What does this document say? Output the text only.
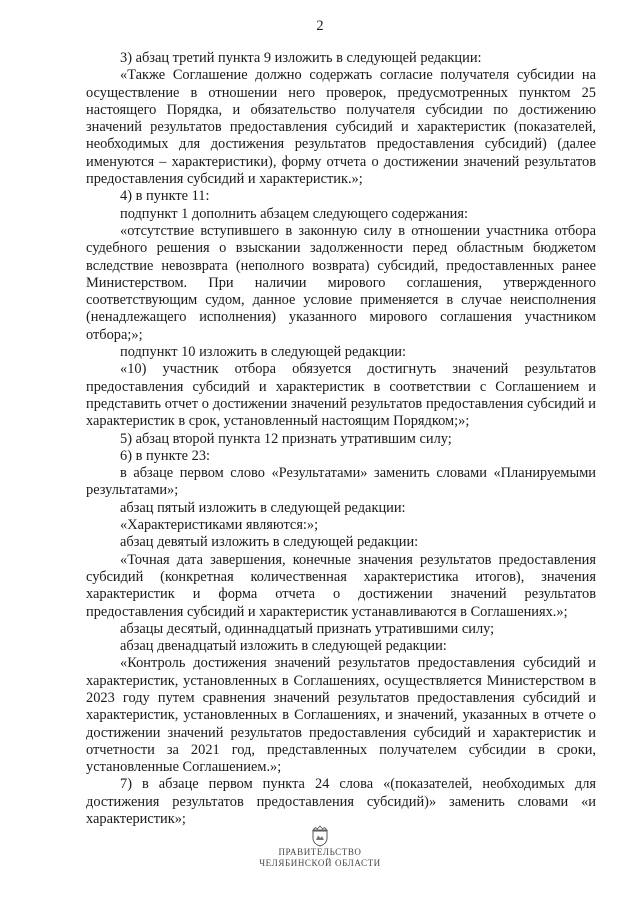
2

3) абзац третий пункта 9 изложить в следующей редакции:

«Также Соглашение должно содержать согласие получателя субсидии на осуществление в отношении него проверок, предусмотренных пунктом 25 настоящего Порядка, и обязательство получателя субсидии по достижению значений результатов предоставления субсидий и характеристик (показателей, необходимых для достижения результатов предоставления субсидий) (далее именуются – характеристики), форму отчета о достижении значений результатов предоставления субсидий и характеристик.»;

4) в пункте 11:

подпункт 1 дополнить абзацем следующего содержания:

«отсутствие вступившего в законную силу в отношении участника отбора судебного решения о взыскании задолженности перед областным бюджетом вследствие невозврата (неполного возврата) субсидий, предоставленных ранее Министерством. При наличии мирового соглашения, утвержденного соответствующим судом, данное условие применяется в случае неисполнения (ненадлежащего исполнения) указанного мирового соглашения участником отбора;»;

подпункт 10 изложить в следующей редакции:

«10) участник отбора обязуется достигнуть значений результатов предоставления субсидий и характеристик в соответствии с Соглашением и представить отчет о достижении значений результатов предоставления субсидий и характеристик в срок, установленный настоящим Порядком;»;

5) абзац второй пункта 12 признать утратившим силу;

6) в пункте 23:

в абзаце первом слово «Результатами» заменить словами «Планируемыми результатами»;

абзац пятый изложить в следующей редакции:

«Характеристиками являются:»;

абзац девятый изложить в следующей редакции:

«Точная дата завершения, конечные значения результатов предоставления субсидий (конкретная количественная характеристика итогов), значения характеристик и форма отчета о достижении значений результатов предоставления субсидий и характеристик устанавливаются в Соглашениях.»;

абзацы десятый, одиннадцатый признать утратившими силу;

абзац двенадцатый изложить в следующей редакции:

«Контроль достижения значений результатов предоставления субсидий и характеристик, установленных в Соглашениях, осуществляется Министерством в 2023 году путем сравнения значений результатов предоставления субсидий и характеристик, установленных в Соглашениях, и значений, указанных в отчете о достижении значений результатов предоставления субсидий и характеристик и отчетности за 2021 год, представленных получателем субсидии в сроки, установленные Соглашением.»;

7) в абзаце первом пункта 24 слова «(показателей, необходимых для достижения результатов предоставления субсидий)» заменить словами «и характеристик»;

ПРАВИТЕЛЬСТВО
ЧЕЛЯБИНСКОЙ ОБЛАСТИ
